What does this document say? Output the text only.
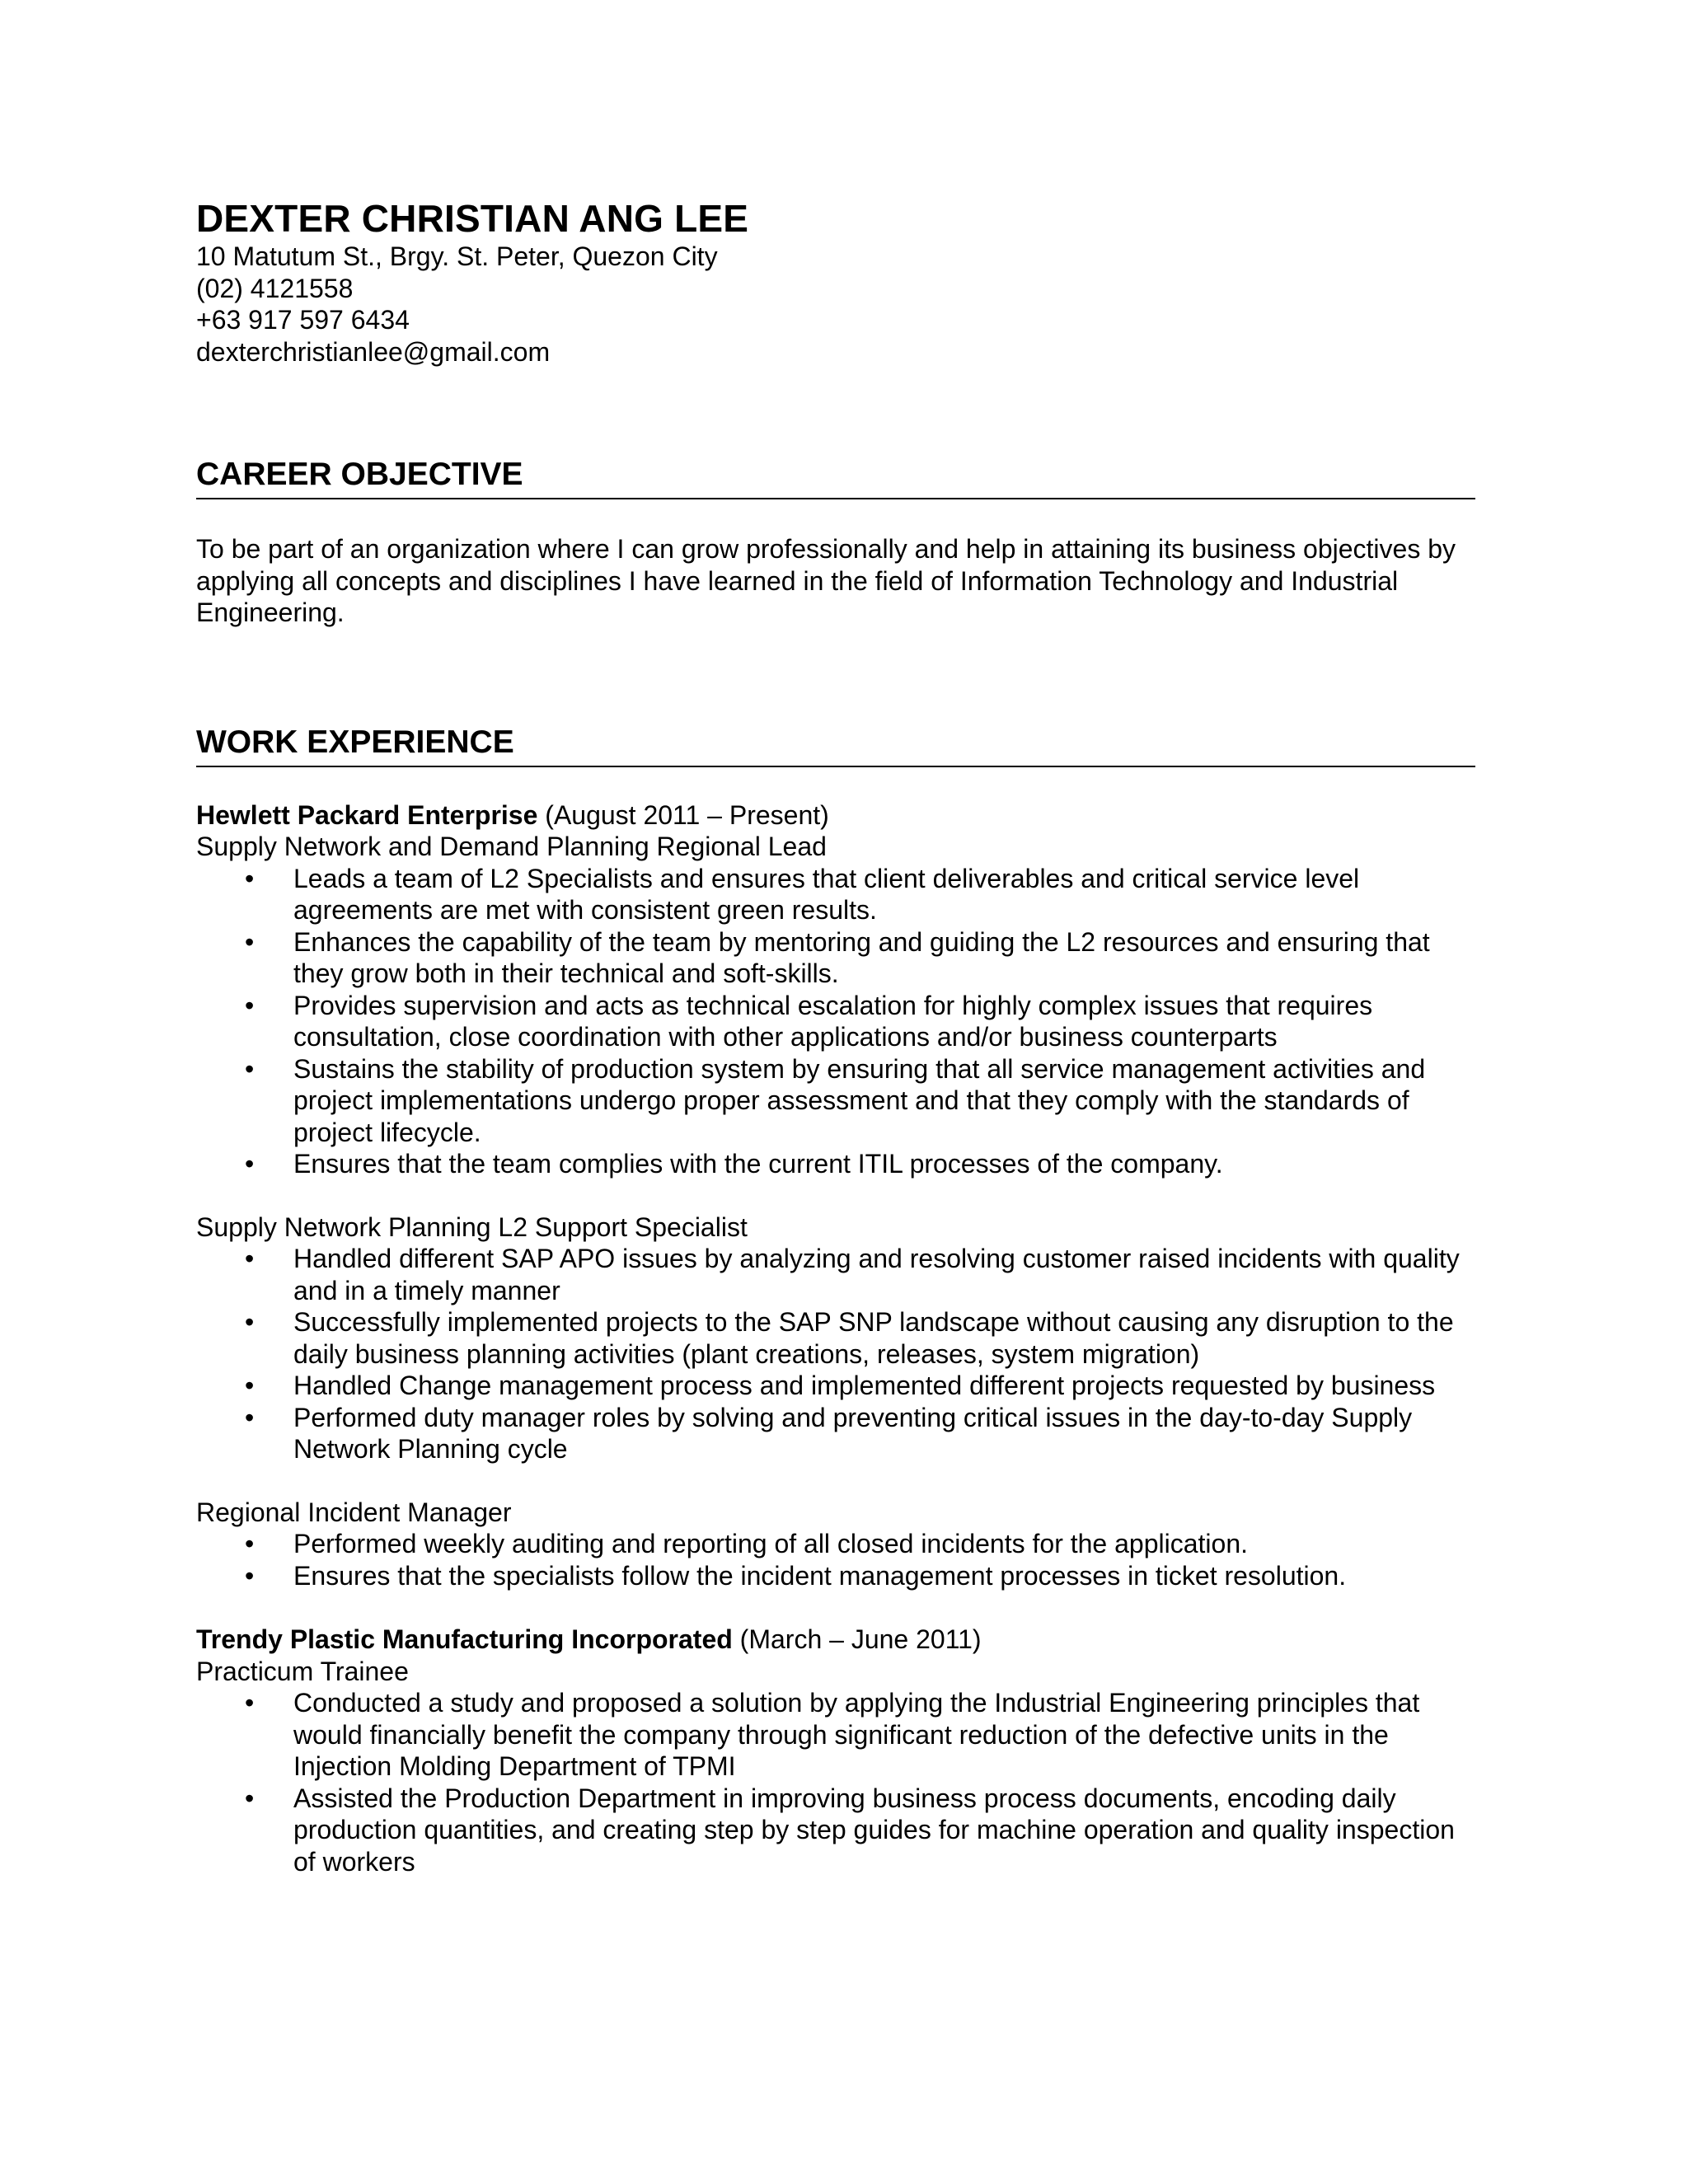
DEXTER CHRISTIAN ANG LEE

10 Matutum St., Brgy. St. Peter, Quezon City

(02) 4121558

+63 917 597 6434

dexterchristianlee@gmail.com

CAREER OBJECTIVE

To be part of an organization where I can grow professionally and help in attaining its business objectives by applying all concepts and disciplines I have learned in the field of Information Technology and Industrial Engineering.

WORK EXPERIENCE

Hewlett Packard Enterprise (August 2011 – Present)

Supply Network and Demand Planning Regional Lead

• Leads a team of L2 Specialists and ensures that client deliverables and critical service level agreements are met with consistent green results.
• Enhances the capability of the team by mentoring and guiding the L2 resources and ensuring that they grow both in their technical and soft-skills.
• Provides supervision and acts as technical escalation for highly complex issues that requires consultation, close coordination with other applications and/or business counterparts
• Sustains the stability of production system by ensuring that all service management activities and project implementations undergo proper assessment and that they comply with the standards of project lifecycle.
• Ensures that the team complies with the current ITIL processes of the company.

Supply Network Planning L2 Support Specialist

• Handled different SAP APO issues by analyzing and resolving customer raised incidents with quality and in a timely manner
• Successfully implemented projects to the SAP SNP landscape without causing any disruption to the daily business planning activities (plant creations, releases, system migration)
• Handled Change management process and implemented different projects requested by business
• Performed duty manager roles by solving and preventing critical issues in the day-to-day Supply Network Planning cycle

Regional Incident Manager

• Performed weekly auditing and reporting of all closed incidents for the application.
• Ensures that the specialists follow the incident management processes in ticket resolution.

Trendy Plastic Manufacturing Incorporated (March – June 2011)

Practicum Trainee

• Conducted a study and proposed a solution by applying the Industrial Engineering principles that would financially benefit the company through significant reduction of the defective units in the Injection Molding Department of TPMI
• Assisted the Production Department in improving business process documents, encoding daily production quantities, and creating step by step guides for machine operation and quality inspection of workers
